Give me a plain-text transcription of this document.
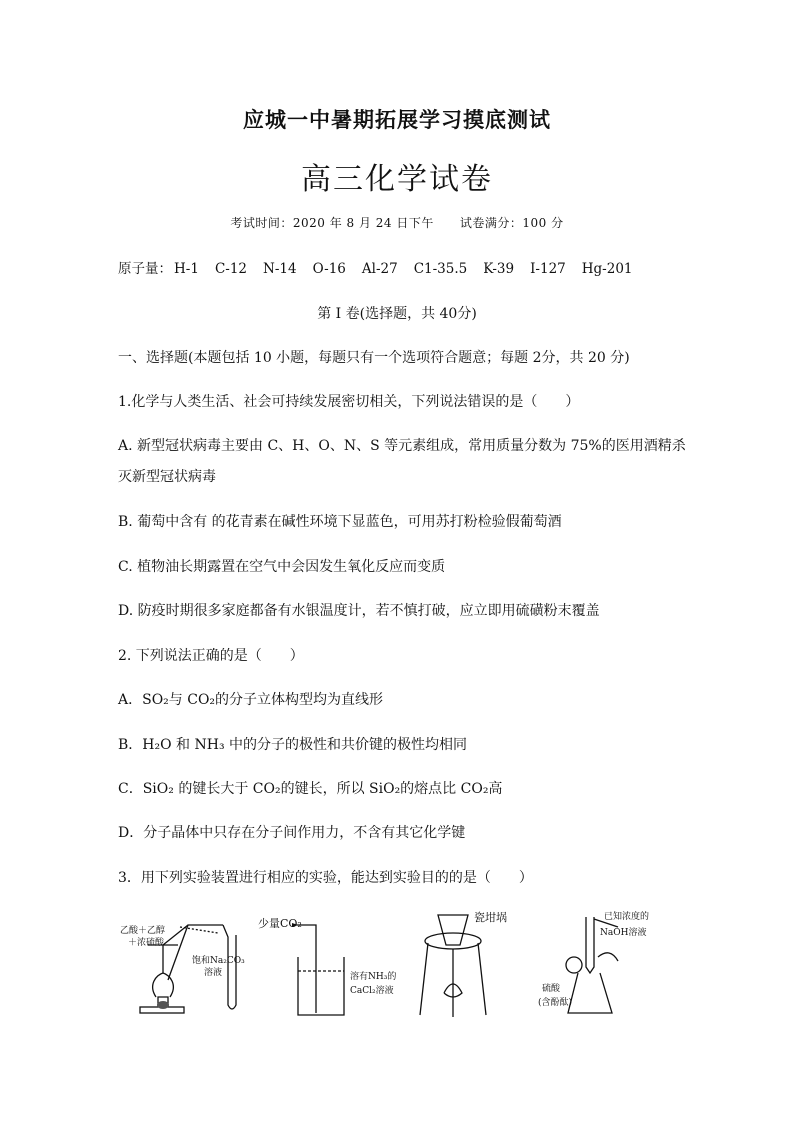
应城一中暑期拓展学习摸底测试
高三化学试卷
考试时间：2020 年 8 月 24 日下午 试卷满分：100 分
原子量： H-1 C-12 N-14 O-16 Al-27 C1-35.5 K-39 I-127 Hg-201
第 I 卷(选择题，共 40分)
一、选择题(本题包括 10 小题，每题只有一个选项符合题意；每题 2分，共 20 分)
1.化学与人类生活、社会可持续发展密切相关，下列说法错误的是（　　）
A. 新型冠状病毒主要由 C、H、O、N、S 等元素组成，常用质量分数为 75%的医用酒精杀
灭新型冠状病毒
B. 葡萄中含有 的花青素在碱性环境下显蓝色，可用苏打粉检验假葡萄酒
C. 植物油长期露置在空气中会因发生氧化反应而变质
D. 防疫时期很多家庭都备有水银温度计，若不慎打破，应立即用硫磺粉末覆盖
2. 下列说法正确的是（　　）
A．SO₂与 CO₂的分子立体构型均为直线形
B．H₂O 和 NH₃ 中的分子的极性和共价键的极性均相同
C．SiO₂ 的键长大于 CO₂的键长，所以 SiO₂的熔点比 CO₂高
D．分子晶体中只存在分子间作用力，不含有其它化学键
3．用下列实验装置进行相应的实验，能达到实验目的的是（　　）
乙酸＋乙醇
＋浓硫酸
饱和Na₂CO₃
溶液
少量CO₂
溶有NH₃的
CaCl₂溶液
瓷坩埚	已知浓度的
NaOH溶液
硫酸
(含酚酞)
